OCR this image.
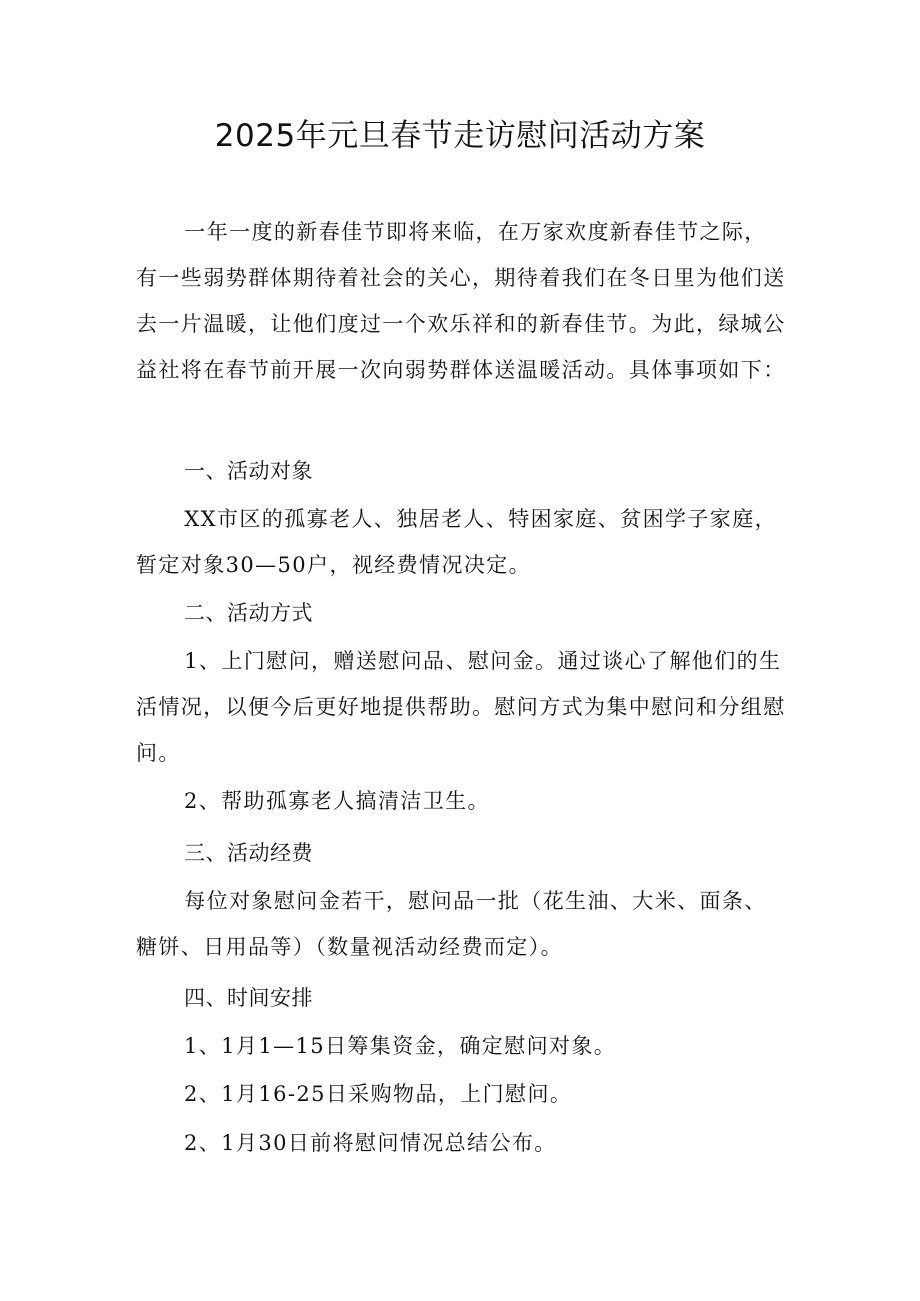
2025年元旦春节走访慰问活动方案

一年一度的新春佳节即将来临，在万家欢度新春佳节之际，有一些弱势群体期待着社会的关心，期待着我们在冬日里为他们送去一片温暖，让他们度过一个欢乐祥和的新春佳节。为此，绿城公益社将在春节前开展一次向弱势群体送温暖活动。具体事项如下：

一、活动对象

XX市区的孤寡老人、独居老人、特困家庭、贫困学子家庭，暂定对象30—50户，视经费情况决定。

二、活动方式

1、上门慰问，赠送慰问品、慰问金。通过谈心了解他们的生活情况，以便今后更好地提供帮助。慰问方式为集中慰问和分组慰问。

2、帮助孤寡老人搞清洁卫生。

三、活动经费

每位对象慰问金若干，慰问品一批（花生油、大米、面条、糖饼、日用品等）（数量视活动经费而定）。

四、时间安排

1、1月1—15日筹集资金，确定慰问对象。

2、1月16-25日采购物品，上门慰问。

2、1月30日前将慰问情况总结公布。
